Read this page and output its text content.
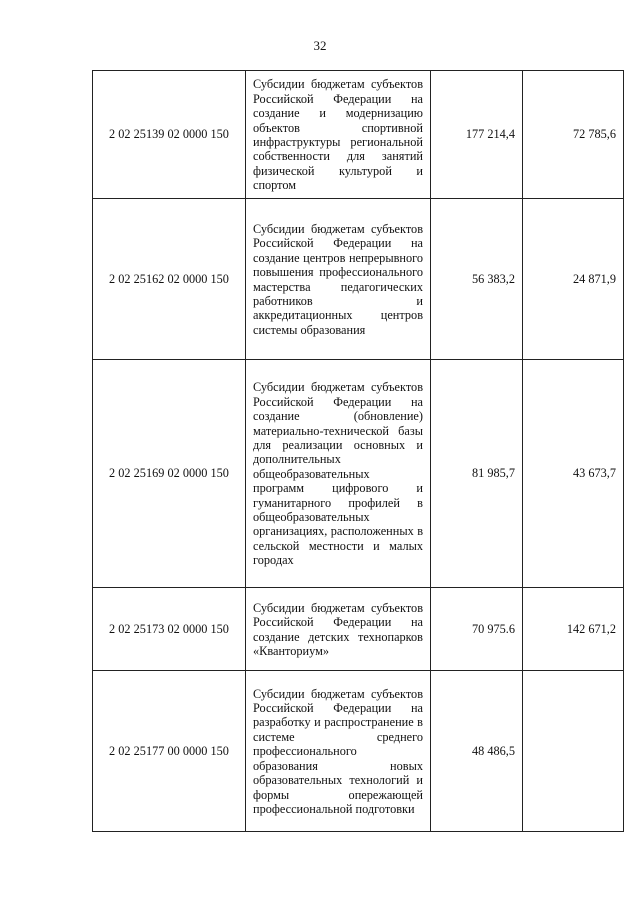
32
2 02 25139 02 0000 150	Субсидии бюджетам субъектов Российской Федерации на создание и модернизацию объектов спортивной инфраструктуры региональной собственности для занятий физической культурой и спортом	177 214,4	72 785,6
2 02 25162 02 0000 150	Субсидии бюджетам субъектов Российской Федерации на создание центров непрерывного повышения профессионального мастерства педагогических работников и аккредитационных центров системы образования	56 383,2	24 871,9
2 02 25169 02 0000 150	Субсидии бюджетам субъектов Российской Федерации на создание (обновление) материально-технической базы для реализации основных и дополнительных общеобразовательных программ цифрового и гуманитарного профилей в общеобразовательных организациях, расположенных в сельской местности и малых городах	81 985,7	43 673,7
2 02 25173 02 0000 150	Субсидии бюджетам субъектов Российской Федерации на создание детских технопарков «Кванториум»	70 975.6	142 671,2
2 02 25177 00 0000 150	Субсидии бюджетам субъектов Российской Федерации на разработку и распространение в системе среднего профессионального образования новых образовательных технологий и формы опережающей профессиональной подготовки	48 486,5	
